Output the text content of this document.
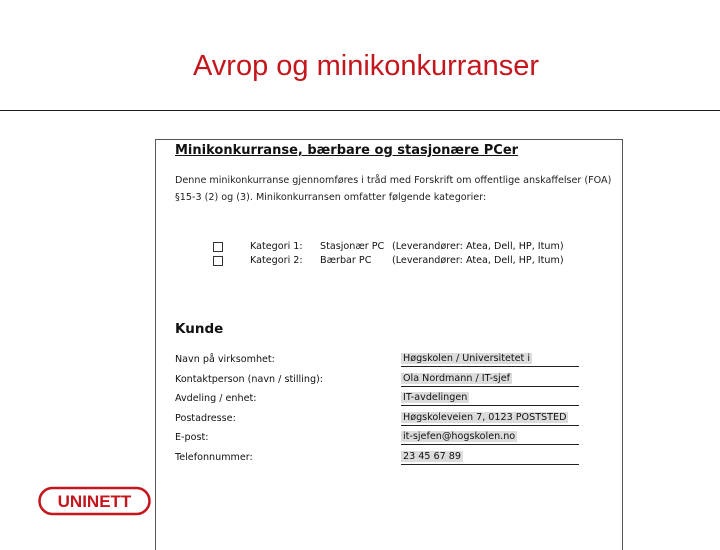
Avrop og minikonkurranser
Minikonkurranse, bærbare og stasjonære PCer
Denne minikonkurranse gjennomføres i tråd med Forskrift om offentlige anskaffelser (FOA) §15-3 (2) og (3). Minikonkurransen omfatter følgende kategorier:
Kategori 1: Stasjonær PC (Leverandører: Atea, Dell, HP, Itum)
Kategori 2: Bærbar PC (Leverandører: Atea, Dell, HP, Itum)
Kunde
Navn på virksomhet:	Høgskolen / Universitetet i
Kontaktperson (navn / stilling):	Ola Nordmann / IT-sjef
Avdeling / enhet:	IT-avdelingen
Postadresse:	Høgskoleveien 7, 0123 POSTSTED
E-post:	it-sjefen@hogskolen.no
Telefonnummer:	23 45 67 89
UNINETT
